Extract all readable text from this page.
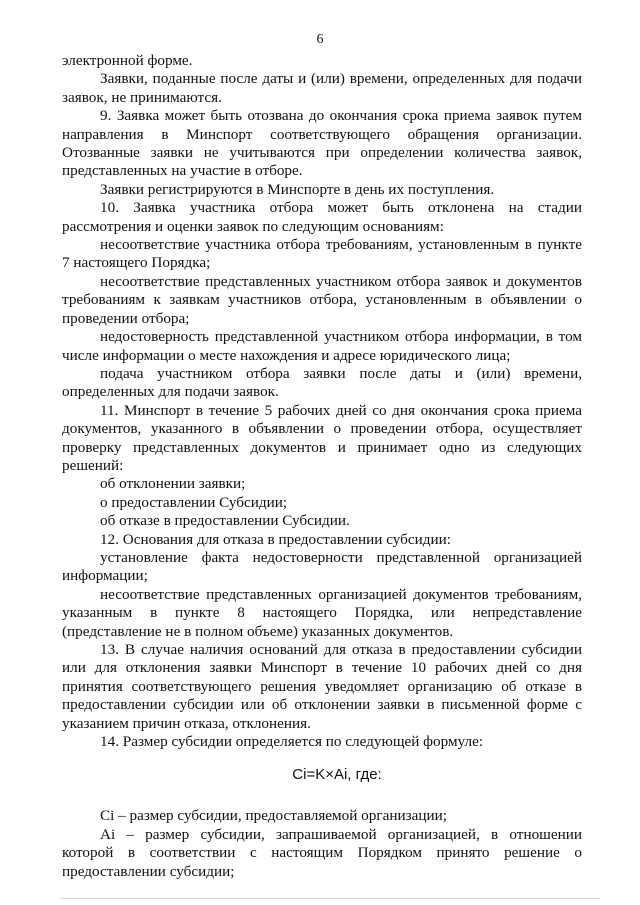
6

электронной форме.

Заявки, поданные после даты и (или) времени, определенных для подачи заявок, не принимаются.

9. Заявка может быть отозвана до окончания срока приема заявок путем направления в Минспорт соответствующего обращения организации. Отозванные заявки не учитываются при определении количества заявок, представленных на участие в отборе.

Заявки регистрируются в Минспорте в день их поступления.

10. Заявка участника отбора может быть отклонена на стадии рассмотрения и оценки заявок по следующим основаниям:

несоответствие участника отбора требованиям, установленным в пункте 7 настоящего Порядка;

несоответствие представленных участником отбора заявок и документов требованиям к заявкам участников отбора, установленным в объявлении о проведении отбора;

недостоверность представленной участником отбора информации, в том числе информации о месте нахождения и адресе юридического лица;

подача участником отбора заявки после даты и (или) времени, определенных для подачи заявок.

11. Минспорт в течение 5 рабочих дней со дня окончания срока приема документов, указанного в объявлении о проведении отбора, осуществляет проверку представленных документов и принимает одно из следующих решений:

об отклонении заявки;

о предоставлении Субсидии;

об отказе в предоставлении Субсидии.

12. Основания для отказа в предоставлении субсидии:

установление факта недостоверности представленной организацией информации;

несоответствие представленных организацией документов требованиям, указанным в пункте 8 настоящего Порядка, или непредставление (представление не в полном объеме) указанных документов.

13. В случае наличия оснований для отказа в предоставлении субсидии или для отклонения заявки Минспорт в течение 10 рабочих дней со дня принятия соответствующего решения уведомляет организацию об отказе в предоставлении субсидии или об отклонении заявки в письменной форме с указанием причин отказа, отклонения.

14. Размер субсидии определяется по следующей формуле:

Ci=K×Ai, где:

Ci – размер субсидии, предоставляемой организации;

Ai – размер субсидии, запрашиваемой организацией, в отношении которой в соответствии с настоящим Порядком принято решение о предоставлении субсидии;
